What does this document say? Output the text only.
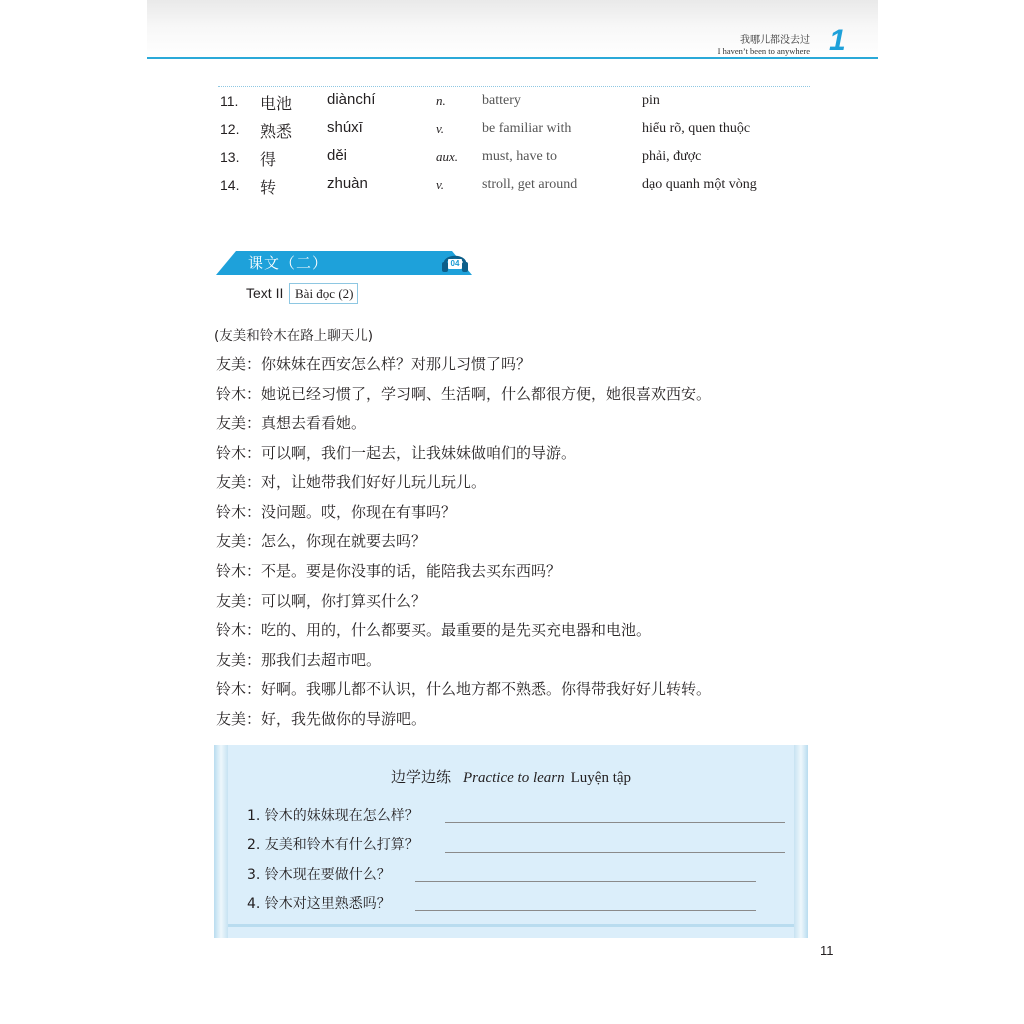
我哪儿都没去过
I haven’t been to anywhere 1
11. 电池 diànchí	n.	battery	pin
12. 熟悉 shúxī	v.	be familiar with	hiểu rõ, quen thuộc
13. 得	děi	aux. must, have to	phải, được
14. 转	zhuàn	v.	stroll, get around	dạo quanh một vòng
课文（二）	04
Text II Bài đọc (2)
(友美和铃木在路上聊天儿)
友美：你妹妹在西安怎么样？对那儿习惯了吗？
铃木：她说已经习惯了，学习啊、生活啊，什么都很方便，她很喜欢西安。
友美：真想去看看她。
铃木：可以啊，我们一起去，让我妹妹做咱们的导游。
友美：对，让她带我们好好儿玩儿玩儿。
铃木：没问题。哎，你现在有事吗？
友美：怎么，你现在就要去吗？
铃木：不是。要是你没事的话，能陪我去买东西吗？
友美：可以啊，你打算买什么？
铃木：吃的、用的，什么都要买。最重要的是先买充电器和电池。
友美：那我们去超市吧。
铃木：好啊。我哪儿都不认识，什么地方都不熟悉。你得带我好好儿转转。
友美：好，我先做你的导游吧。
边学边练 Practice to learn Luyện tập
1. 铃木的妹妹现在怎么样？
2. 友美和铃木有什么打算？
3. 铃木现在要做什么？
4. 铃木对这里熟悉吗？
11
